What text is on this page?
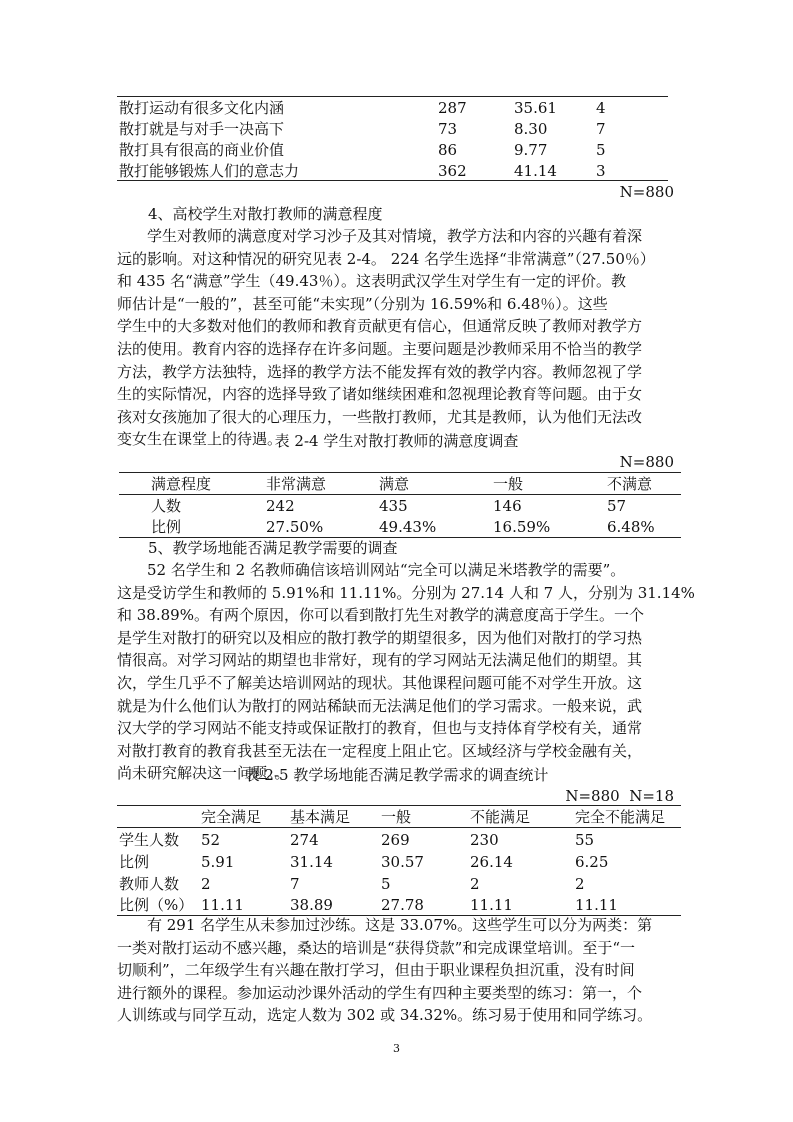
散打运动有很多文化内涵	287	35.61	4
散打就是与对手一决高下	73	8.30	7
散打具有很高的商业价值	86	9.77	5
散打能够锻炼人们的意志力	362	41.14	3
N=880
4、高校学生对散打教师的满意程度
学生对教师的满意度对学习沙子及其对情境，教学方法和内容的兴趣有着深
远的影响。对这种情况的研究见表 2-4。 224 名学生选择“非常满意”（27.50％）
和 435 名“满意”学生（49.43％）。这表明武汉学生对学生有一定的评价。教
师估计是“一般的”，甚至可能“未实现”（分别为 16.59%和 6.48％）。这些
学生中的大多数对他们的教师和教育贡献更有信心，但通常反映了教师对教学方
法的使用。教育内容的选择存在许多问题。主要问题是沙教师采用不恰当的教学
方法，教学方法独特，选择的教学方法不能发挥有效的教学内容。教师忽视了学
生的实际情况，内容的选择导致了诸如继续困难和忽视理论教育等问题。由于女
孩对女孩施加了很大的心理压力，一些散打教师，尤其是教师，认为他们无法改
变女生在课堂上的待遇。
表 2-4 学生对散打教师的满意度调查
N=880
满意程度	非常满意	满意	一般	不满意
人数	242	435	146	57
比例	27.50%	49.43%	16.59%	6.48%
5、教学场地能否满足教学需要的调查
52 名学生和 2 名教师确信该培训网站“完全可以满足米塔教学的需要”。
这是受访学生和教师的 5.91%和 11.11%。分别为 27.14 人和 7 人，分别为 31.14%
和 38.89%。有两个原因，你可以看到散打先生对教学的满意度高于学生。一个
是学生对散打的研究以及相应的散打教学的期望很多，因为他们对散打的学习热
情很高。对学习网站的期望也非常好，现有的学习网站无法满足他们的期望。其
次，学生几乎不了解美达培训网站的现状。其他课程问题可能不对学生开放。这
就是为什么他们认为散打的网站稀缺而无法满足他们的学习需求。一般来说，武
汉大学的学习网站不能支持或保证散打的教育，但也与支持体育学校有关，通常
对散打教育的教育我甚至无法在一定程度上阻止它。区域经济与学校金融有关，
尚未研究解决这一问题。。
表 2-5 教学场地能否满足教学需求的调查统计
N=880  N=18
完全满足 基本满足 一般	不能满足	完全不能满足
学生人数 52	274	269	230	55
比例	5.91	31.14	30.57	26.14	6.25
教师人数 2	7	5	2	2
比例（%） 11.11	38.89	27.78	11.11	11.11
有 291 名学生从未参加过沙练。这是 33.07%。这些学生可以分为两类：第
一类对散打运动不感兴趣，桑达的培训是“获得贷款”和完成课堂培训。至于“一
切顺利”，二年级学生有兴趣在散打学习，但由于职业课程负担沉重，没有时间
进行额外的课程。参加运动沙课外活动的学生有四种主要类型的练习：第一，个
人训练或与同学互动，选定人数为 302 或 34.32%。练习易于使用和同学练习。
3
